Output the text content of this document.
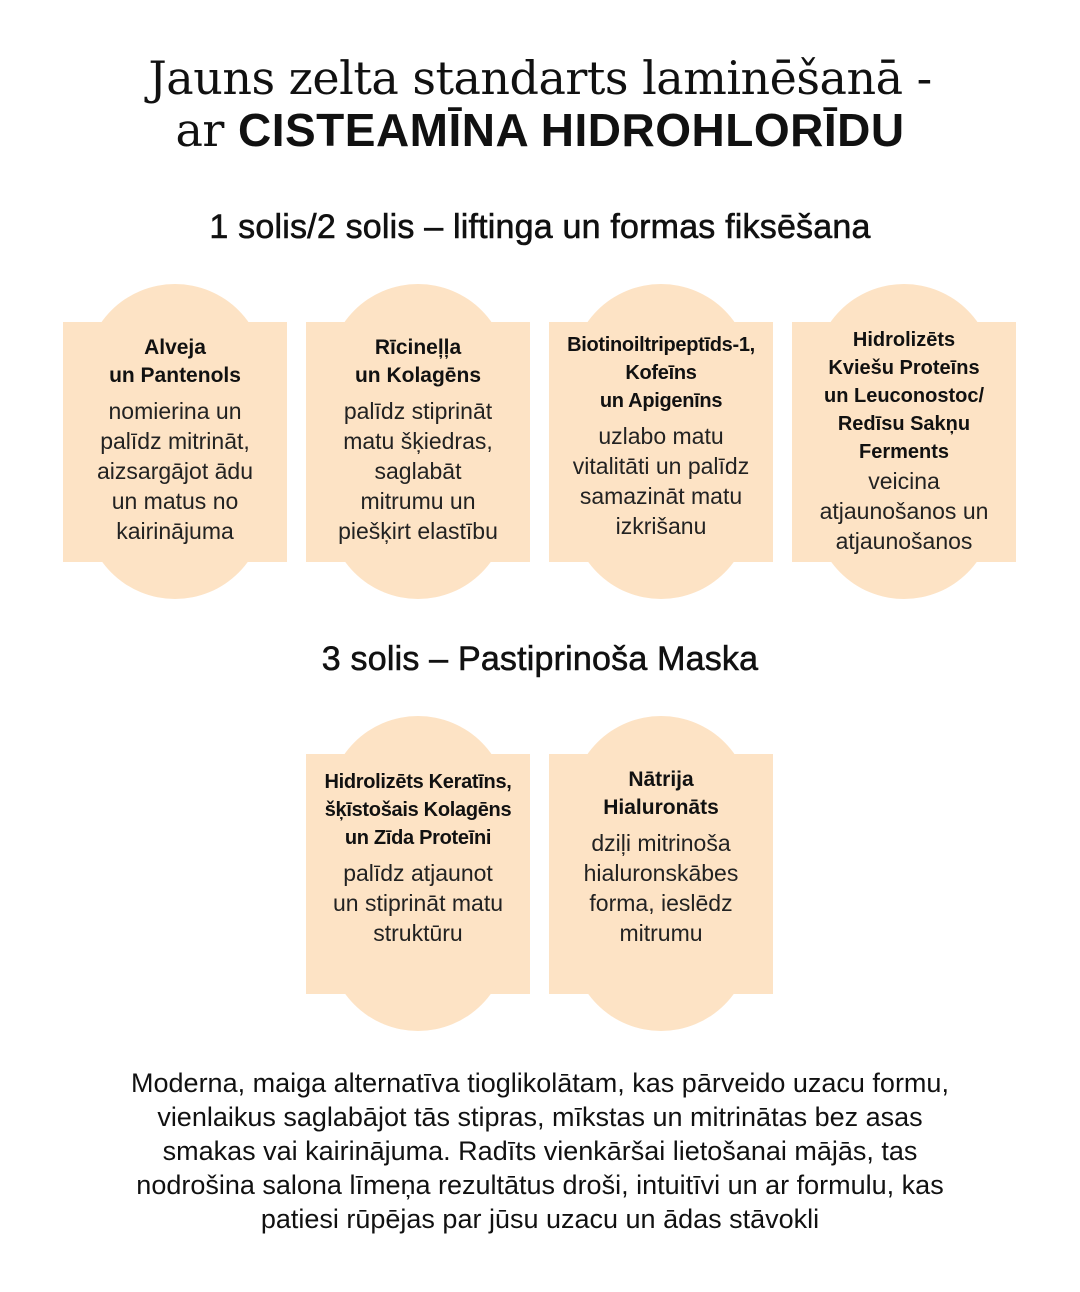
Jauns zelta standarts laminēšanā -
ar CISTEAMĪNA HIDROHLORĪDU
1 solis/2 solis – liftinga un formas fiksēšana
Alveja
un Pantenols
nomierina un
palīdz mitrināt,
aizsargājot ādu
un matus no
kairinājuma
Rīcineļļa
un Kolagēns
palīdz stiprināt
matu šķiedras,
saglabāt
mitrumu un
piešķirt elastību
Biotinoiltripeptīds-1,
Kofeīns
un Apigenīns
uzlabo matu
vitalitāti un palīdz
samazināt matu
izkrišanu
Hidrolizēts
Kviešu Proteīns
un Leuconostoc/
Redīsu Sakņu
Ferments
veicina
atjaunošanos un
atjaunošanos
3 solis – Pastiprinoša Maska
Hidrolizēts Keratīns,
šķīstošais Kolagēns
un Zīda Proteīni
palīdz atjaunot
un stiprināt matu
struktūru
Nātrija
Hialuronāts
dziļi mitrinoša
hialuronskābes
forma, ieslēdz
mitrumu
Moderna, maiga alternatīva tioglikolātam, kas pārveido uzacu formu,
vienlaikus saglabājot tās stipras, mīkstas un mitrinātas bez asas
smakas vai kairinājuma. Radīts vienkāršai lietošanai mājās, tas
nodrošina salona līmeņa rezultātus droši, intuitīvi un ar formulu, kas
patiesi rūpējas par jūsu uzacu un ādas stāvokli
